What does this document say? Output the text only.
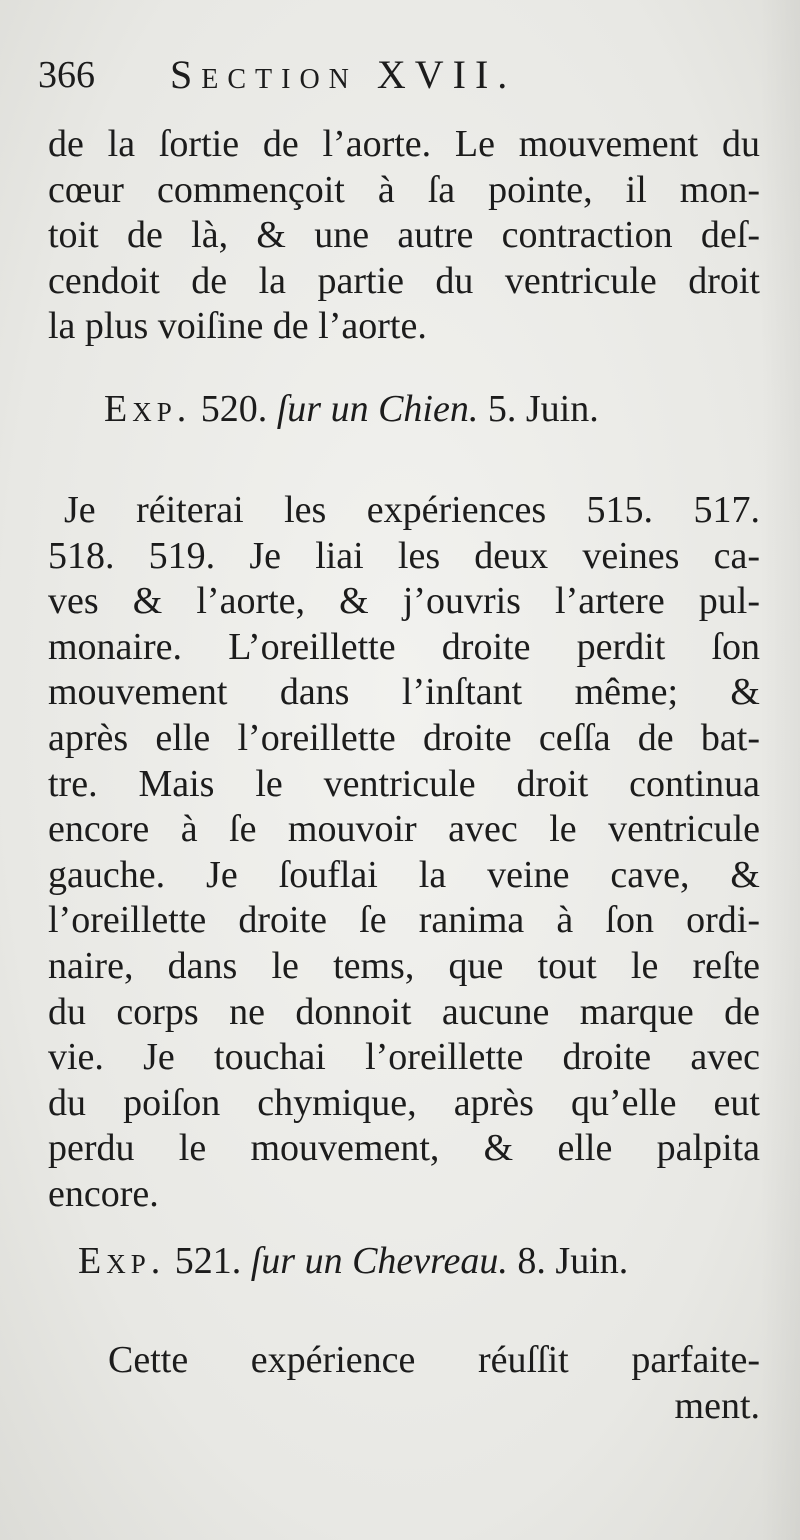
366 Section XVII.
de la ſortie de l’aorte. Le mouvement du
cœur commençoit à ſa pointe, il mon-
toit de là, & une autre contraction deſ-
cendoit de la partie du ventricule droit
la plus voiſine de l’aorte.
Exp. 520. ſur un Chien. 5. Juin.
Je réiterai les expériences 515. 517.
518. 519. Je liai les deux veines ca-
ves & l’aorte, & j’ouvris l’artere pul-
monaire. L’oreillette droite perdit ſon
mouvement dans l’inſtant même; &
après elle l’oreillette droite ceſſa de bat-
tre. Mais le ventricule droit continua
encore à ſe mouvoir avec le ventricule
gauche. Je ſouflai la veine cave, &
l’oreillette droite ſe ranima à ſon ordi-
naire, dans le tems, que tout le reſte
du corps ne donnoit aucune marque de
vie. Je touchai l’oreillette droite avec
du poiſon chymique, après qu’elle eut
perdu le mouvement, & elle palpita
encore.
Exp. 521. ſur un Chevreau. 8. Juin.
Cette expérience réuſſit parfaite-
ment.
